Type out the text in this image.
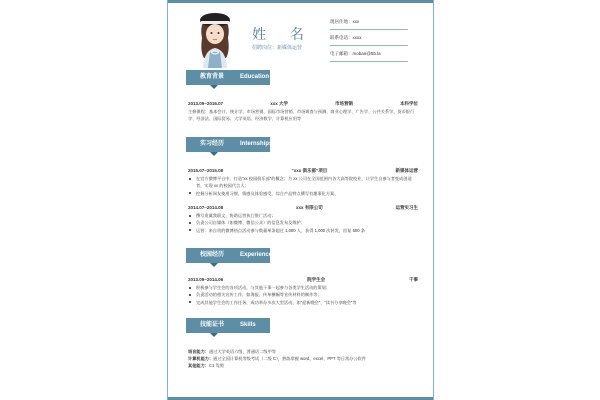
姓 名
招聘岗位：新媒体运营
現居住地：xxx
联系电话：xxxx
电子邮箱：moban@55.la
教育背景	Education
2013.09~2016.07	xxx 大学	市场营销	本科学位

主修课程：基本会计、统计学、市场营销、国际市场营销、市场调查与预测、商业心理学、广告学、公共关系学、货币银行学、经济法、国际贸易、大学英语、经济数学、计算机应用等

实习经历	Internships
2015.07~2015.08	“xxx 俱乐部”项目	新媒体运营
在官方微博平台中，打造“xx 校园俱乐部”的概念；为 xx 公司在全国范围内各大高等院校业，让学生自参与者变成创造者，实现 xx 的校园代言人；
挖掘分析网友使用习惯、情感及体验感受，综合产品特点撰写有趣事化方案。
2014.07~2014.08	xxx 有限公司	运营实习生
撰写贵属我职文，协助运营执行推广活动；
负责公司自媒体（如微博、微信公众）的信息发布及维护；
运营：来自贵的微博热点活动参与数量单条超过 1,000 人，获得 1,000 次转发，回复 500 条
校园经历	Experiences
2013.09~2014.06	院学生会	干事
积极参与学生会的各项活动，与其他干事一起参与各类学生活动的策划；
负责活动的相关宣传工作，如海报、传单横幅等宣传材料的制作等；
完成其他学生会的工作任务，成功举办多次大型活动，如“迎新晚会”、“读书分享晚会”等
技能证书	Skills
语言能力：通过大学英语六级，普通话二级甲等
计算机能力：通过全国计算机等级考试（二级 C），熟练掌握 word、excel、PPT 等日常办公软件
其他能力：C1 驾照
